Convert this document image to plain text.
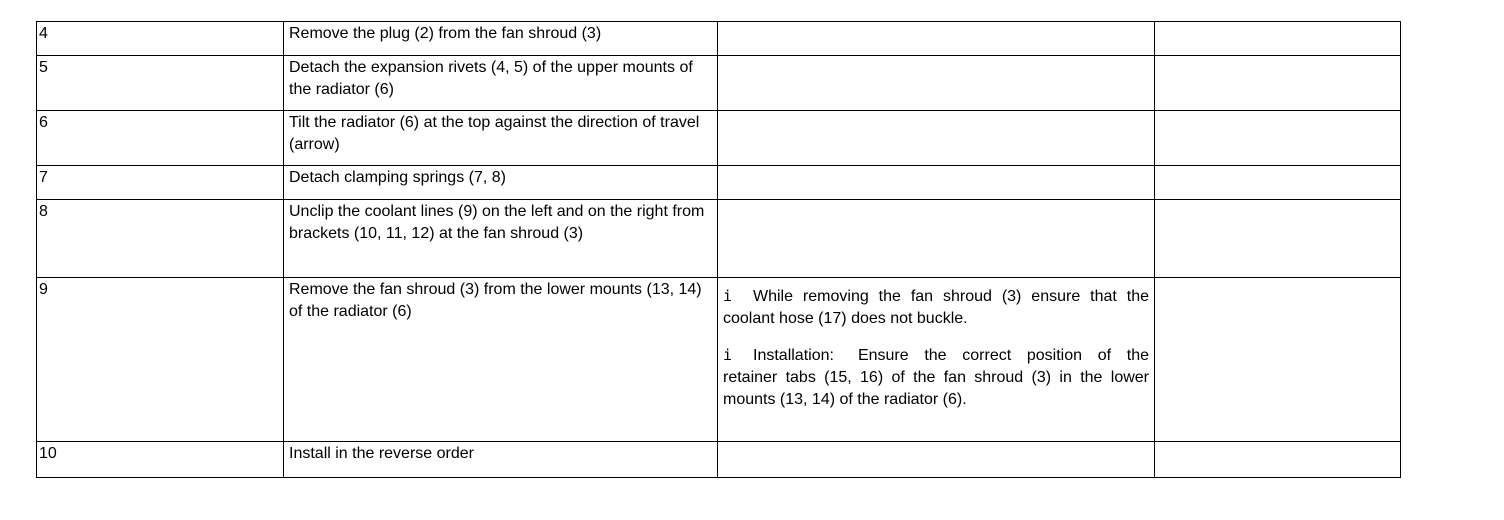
4	Remove the plug (2) from the fan shroud (3)		
5	Detach the expansion rivets (4, 5) of the upper mounts of the radiator (6)		
6	Tilt the radiator (6) at the top against the direction of travel (arrow)		
7	Detach clamping springs (7, 8)		
8	Unclip the coolant lines (9) on the left and on the right from brackets (10, 11, 12) at the fan shroud (3)		
9	Remove the fan shroud (3) from the lower mounts (13, 14) of the radiator (6)	i While removing the fan shroud (3) ensure that the coolant hose (17) does not buckle.

i Installation: Ensure the correct position of the retainer tabs (15, 16) of the fan shroud (3) in the lower mounts (13, 14) of the radiator (6).	

10	Install in the reverse order		
